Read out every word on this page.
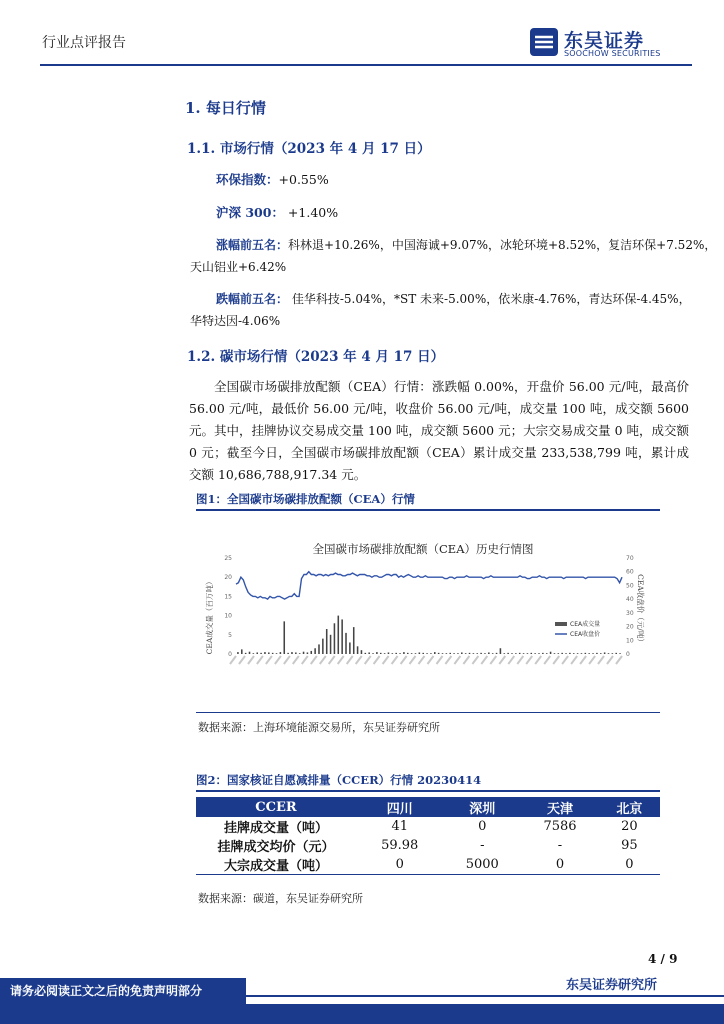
行业点评报告	东吴证券
SOOCHOW SECURITIES
1. 每日行情
1.1. 市场行情（2023 年 4 月 17 日）
环保指数：+0.55%
沪深 300： +1.40%
涨幅前五名：科林退+10.26%，中国海诚+9.07%，冰轮环境+8.52%，复洁环保+7.52%，
天山铝业+6.42%
跌幅前五名： 佳华科技-5.04%，*ST 未来-5.00%，依米康-4.76%，青达环保-4.45%，
华特达因-4.06%
1.2. 碳市场行情（2023 年 4 月 17 日）
全国碳市场碳排放配额（CEA）行情：涨跌幅 0.00%，开盘价 56.00 元/吨，最高价 56.00 元/吨，最低价 56.00 元/吨，收盘价 56.00 元/吨，成交量 100 吨，成交额 5600 元。其中，挂牌协议交易成交量 100 吨，成交额 5600 元；大宗交易成交量 0 吨，成交额 0 元；截至今日，全国碳市场碳排放配额（CEA）累计成交量 233,538,799 吨，累计成交额 10,686,788,917.34 元。
图1：全国碳市场碳排放配额（CEA）行情
全国碳市场碳排放配额（CEA）历史行情图
CEA成交量（百万吨）	CEA收盘价（元/吨）
25
20
15
10
5
0
70
60
50
40
30
20
10
0
CEA成交量
CEA收盘价
数据来源：上海环境能源交易所，东吴证券研究所
图2：国家核证自愿减排量（CCER）行情 20230414
CCER	四川	深圳	天津	北京
挂牌成交量（吨）	41	0	7586	20
挂牌成交均价（元）	59.98	-	-	95
大宗成交量（吨）	0	5000	0	0
数据来源：碳道，东吴证券研究所
4 / 9
东吴证券研究所
请务必阅读正文之后的免责声明部分
